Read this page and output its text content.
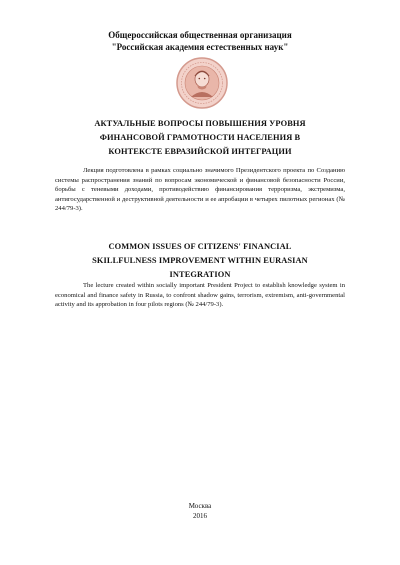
Общероссийская общественная организация
"Российская академия естественных наук"
АКТУАЛЬНЫЕ ВОПРОСЫ ПОВЫШЕНИЯ УРОВНЯ ФИНАНСОВОЙ ГРАМОТНОСТИ НАСЕЛЕНИЯ В КОНТЕКСТЕ ЕВРАЗИЙСКОЙ ИНТЕГРАЦИИ
Лекция подготовлена в рамках социально значимого Президентского проекта по Созданию системы распространения знаний по вопросам экономической и финансовой безопасности России, борьбы с теневыми доходами, противодействию финансирования терроризма, экстремизма, антигосударственной и деструктивной деятельности и ее апробации в четырех пилотных регионах (№ 244/79-3).
COMMON ISSUES OF CITIZENS' FINANCIAL SKILLFULNESS IMPROVEMENT WITHIN EURASIAN INTEGRATION
The lecture created within socially important President Project to establish knowledge system in economical and finance safety in Russia, to confront shadow gains, terrorism, extremism, anti-governmental activity and its approbation in four pilots regions (№ 244/79-3).
Москва
2016
